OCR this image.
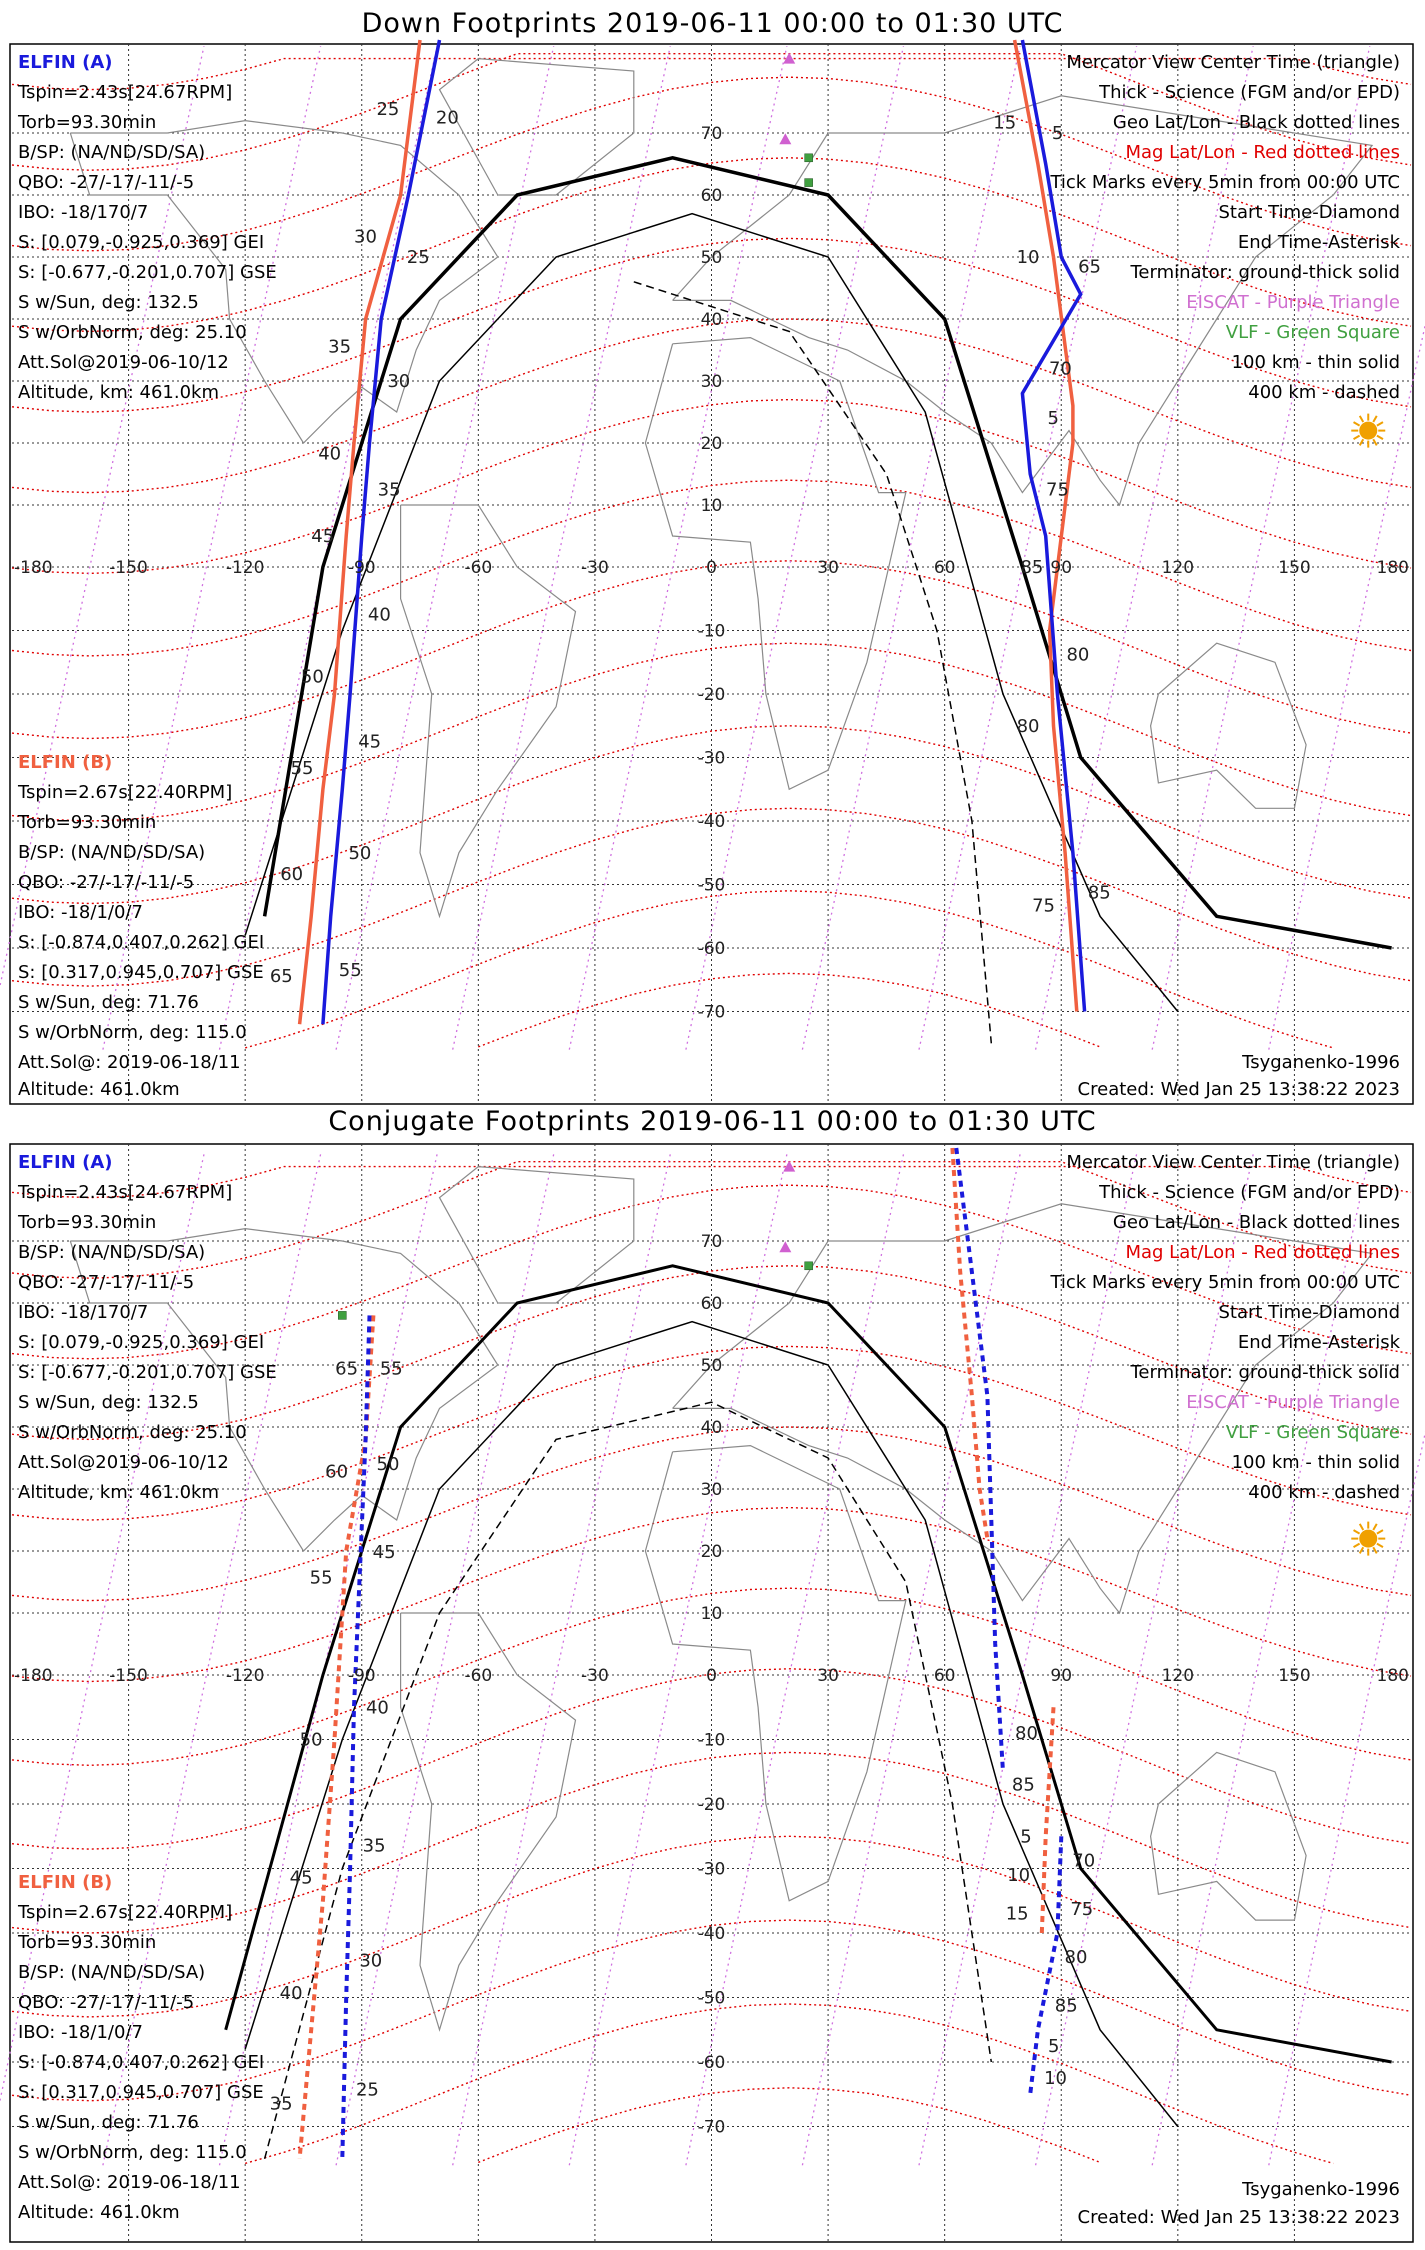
Down Footprints 2019-06-11 00:00 to 01:30 UTC
Conjugate Footprints 2019-06-11 00:00 to 01:30 UTC
20
25
30
35
40
45
50
55
25
30
35
40
45
50
55
60
65
5
65
70
75
80
85
15
10
5
85
80
75
-180	-150	-120	-90	-60	-30	0	30	60	90	120	150	180
70
60
50
40
30
20
10
-10
-20
-30
-40
-50
-60
-70
ELFIN (A)
Tspin=2.43s[24.67RPM]
Torb=93.30min
B/SP: (NA/ND/SD/SA)
QBO: -27/-17/-11/-5
IBO: -18/170/7
S: [0.079,-0.925,0.369] GEI
S: [-0.677,-0.201,0.707] GSE
S w/Sun, deg: 132.5
S w/OrbNorm, deg: 25.10
Att.Sol@2019-06-10/12
Altitude, km: 461.0km
ELFIN (B)
Tspin=2.67s[22.40RPM]
Torb=93.30min
B/SP: (NA/ND/SD/SA)
QBO: -27/-17/-11/-5
IBO: -18/1/0/7
S: [-0.874,0.407,0.262] GEI
S: [0.317,0.945,0.707] GSE
S w/Sun, deg: 71.76
S w/OrbNorm, deg: 115.0
Att.Sol@: 2019-06-18/11
Altitude: 461.0km
Mercator View Center Time (triangle)
Thick - Science (FGM and/or EPD)
Geo Lat/Lon - Black dotted lines
Mag Lat/Lon - Red dotted lines
Tick Marks every 5min from 00:00 UTC
Start Time-Diamond
End Time-Asterisk
Terminator: ground-thick solid
EISCAT - Purple Triangle
VLF - Green Square
100 km - thin solid
400 km - dashed
Tsyganenko-1996
Created: Wed Jan 25 13:38:22 2023
55
50
45
40
35
30
25
65
60
55
50
45
40
35
70
75
80
85
5
10
80
85
5
10
15
-180	-150	-120	-90	-60	-30	0	30	60	90	120	150	180
70
60
50
40
30
20
10
-10
-20
-30
-40
-50
-60
-70
ELFIN (A)
Tspin=2.43s[24.67RPM]
Torb=93.30min
B/SP: (NA/ND/SD/SA)
QBO: -27/-17/-11/-5
IBO: -18/170/7
S: [0.079,-0.925,0.369] GEI
S: [-0.677,-0.201,0.707] GSE
S w/Sun, deg: 132.5
S w/OrbNorm, deg: 25.10
Att.Sol@2019-06-10/12
Altitude, km: 461.0km
ELFIN (B)
Tspin=2.67s[22.40RPM]
Torb=93.30min
B/SP: (NA/ND/SD/SA)
QBO: -27/-17/-11/-5
IBO: -18/1/0/7
S: [-0.874,0.407,0.262] GEI
S: [0.317,0.945,0.707] GSE
S w/Sun, deg: 71.76
S w/OrbNorm, deg: 115.0
Att.Sol@: 2019-06-18/11
Altitude: 461.0km
Mercator View Center Time (triangle)
Thick - Science (FGM and/or EPD)
Geo Lat/Lon - Black dotted lines
Mag Lat/Lon - Red dotted lines
Tick Marks every 5min from 00:00 UTC
Start Time-Diamond
End Time-Asterisk
Terminator: ground-thick solid
EISCAT - Purple Triangle
VLF - Green Square
100 km - thin solid
400 km - dashed
Tsyganenko-1996
Created: Wed Jan 25 13:38:22 2023
